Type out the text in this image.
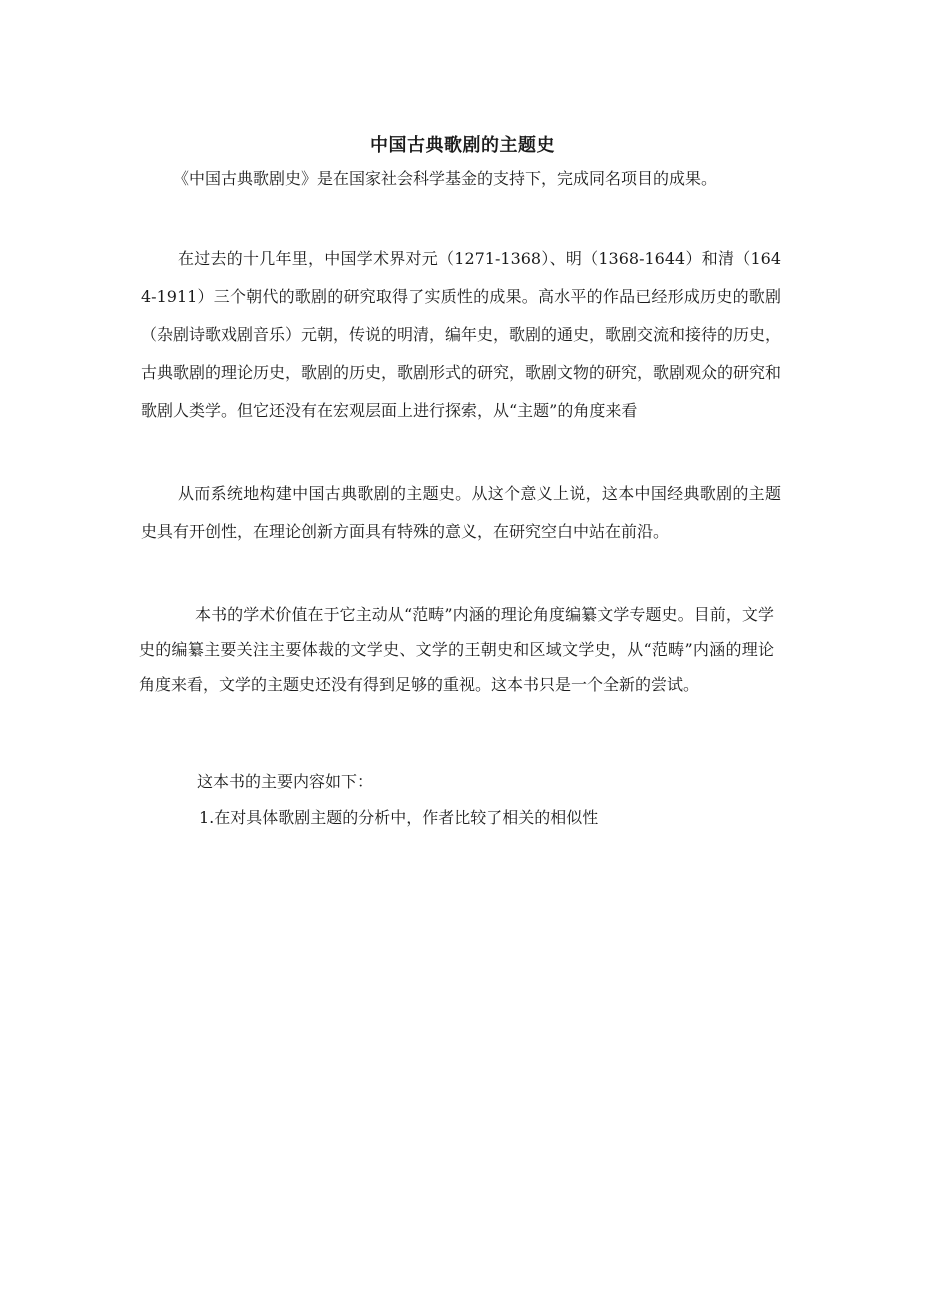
中国古典歌剧的主题史

《中国古典歌剧史》是在国家社会科学基金的支持下，完成同名项目的成果。

在过去的十几年里，中国学术界对元（1271-1368）、明（1368-1644）和清（1644-1911）三个朝代的歌剧的研究取得了实质性的成果。高水平的作品已经形成历史的歌剧（杂剧诗歌戏剧音乐）元朝，传说的明清，编年史，歌剧的通史，歌剧交流和接待的历史，古典歌剧的理论历史，歌剧的历史，歌剧形式的研究，歌剧文物的研究，歌剧观众的研究和歌剧人类学。但它还没有在宏观层面上进行探索，从“主题”的角度来看

从而系统地构建中国古典歌剧的主题史。从这个意义上说，这本中国经典歌剧的主题史具有开创性，在理论创新方面具有特殊的意义，在研究空白中站在前沿。

本书的学术价值在于它主动从“范畴”内涵的理论角度编纂文学专题史。目前，文学史的编纂主要关注主要体裁的文学史、文学的王朝史和区域文学史，从“范畴”内涵的理论角度来看，文学的主题史还没有得到足够的重视。这本书只是一个全新的尝试。

这本书的主要内容如下：

1.在对具体歌剧主题的分析中，作者比较了相关的相似性
